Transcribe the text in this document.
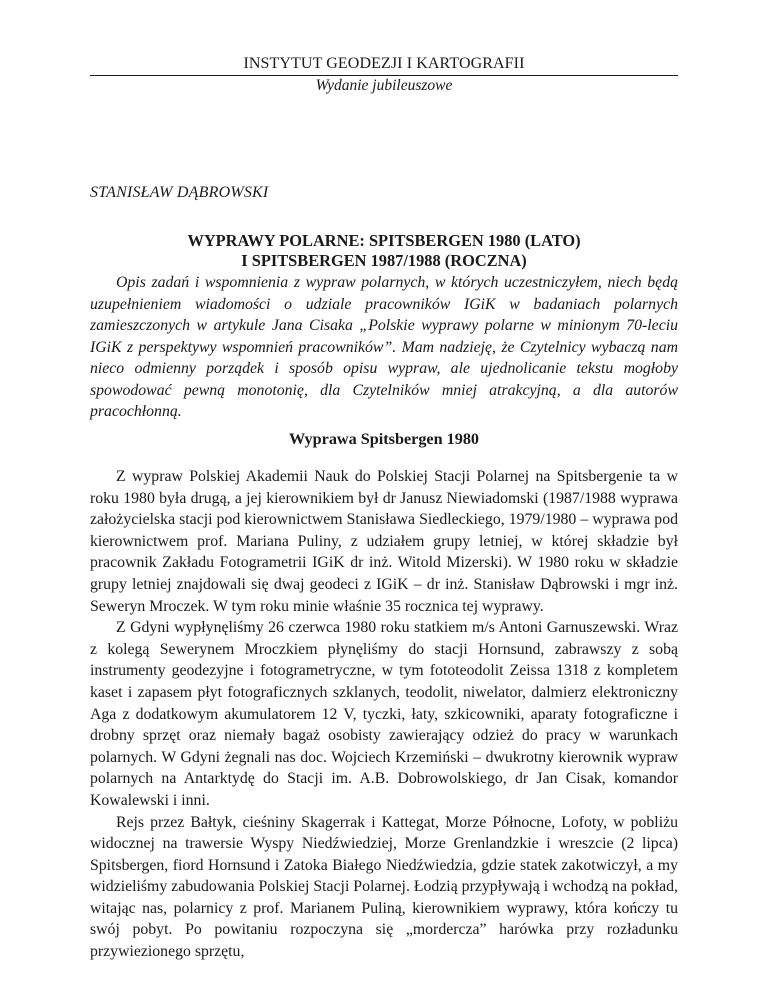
INSTYTUT GEODEZJI I KARTOGRAFII
Wydanie jubileuszowe
STANISŁAW DĄBROWSKI
WYPRAWY POLARNE: SPITSBERGEN 1980 (LATO)
I SPITSBERGEN 1987/1988 (ROCZNA)

Opis zadań i wspomnienia z wypraw polarnych, w których uczestniczyłem, niech będą uzupełnieniem wiadomości o udziale pracowników IGiK w badaniach polarnych zamieszczonych w artykule Jana Cisaka „Polskie wyprawy polarne w minionym 70-leciu IGiK z perspektywy wspomnień pracowników”. Mam nadzieję, że Czytelnicy wybaczą nam nieco odmienny porządek i sposób opisu wypraw, ale ujednolicanie tekstu mogłoby spowodować pewną monotonię, dla Czytelników mniej atrakcyjną, a dla autorów pracochłonną.

Wyprawa Spitsbergen 1980

Z wypraw Polskiej Akademii Nauk do Polskiej Stacji Polarnej na Spitsbergenie ta w roku 1980 była drugą, a jej kierownikiem był dr Janusz Niewiadomski (1987/1988 wyprawa założycielska stacji pod kierownictwem Stanisława Siedleckiego, 1979/1980 – wyprawa pod kierownictwem prof. Mariana Puliny, z udziałem grupy letniej, w której składzie był pracownik Zakładu Fotogrametrii IGiK dr inż. Witold Mizerski). W 1980 roku w składzie grupy letniej znajdowali się dwaj geodeci z IGiK – dr inż. Stanisław Dąbrowski i mgr inż. Seweryn Mroczek. W tym roku minie właśnie 35 rocznica tej wyprawy.

Z Gdyni wypłynęliśmy 26 czerwca 1980 roku statkiem m/s Antoni Garnuszewski. Wraz z kolegą Sewerynem Mroczkiem płynęliśmy do stacji Hornsund, zabrawszy z sobą instrumenty geodezyjne i fotogrametryczne, w tym fototeodolit Zeissa 1318 z kompletem kaset i zapasem płyt fotograficznych szklanych, teodolit, niwelator, dalmierz elektroniczny Aga z dodatkowym akumulatorem 12 V, tyczki, łaty, szkicowniki, aparaty fotograficzne i drobny sprzęt oraz niemały bagaż osobisty zawierający odzież do pracy w warunkach polarnych. W Gdyni żegnali nas doc. Wojciech Krzemiński – dwukrotny kierownik wypraw polarnych na Antarktydę do Stacji im. A.B. Dobrowolskiego, dr Jan Cisak, komandor Kowalewski i inni.

Rejs przez Bałtyk, cieśniny Skagerrak i Kattegat, Morze Północne, Lofoty, w pobliżu widocznej na trawersie Wyspy Niedźwiedziej, Morze Grenlandzkie i wreszcie (2 lipca) Spitsbergen, fiord Hornsund i Zatoka Białego Niedźwiedzia, gdzie statek zakotwiczył, a my widzieliśmy zabudowania Polskiej Stacji Polarnej. Łodzią przypływają i wchodzą na pokład, witając nas, polarnicy z prof. Marianem Puliną, kierownikiem wyprawy, która kończy tu swój pobyt. Po powitaniu rozpoczyna się „mordercza” harówka przy rozładunku przywiezionego sprzętu,
